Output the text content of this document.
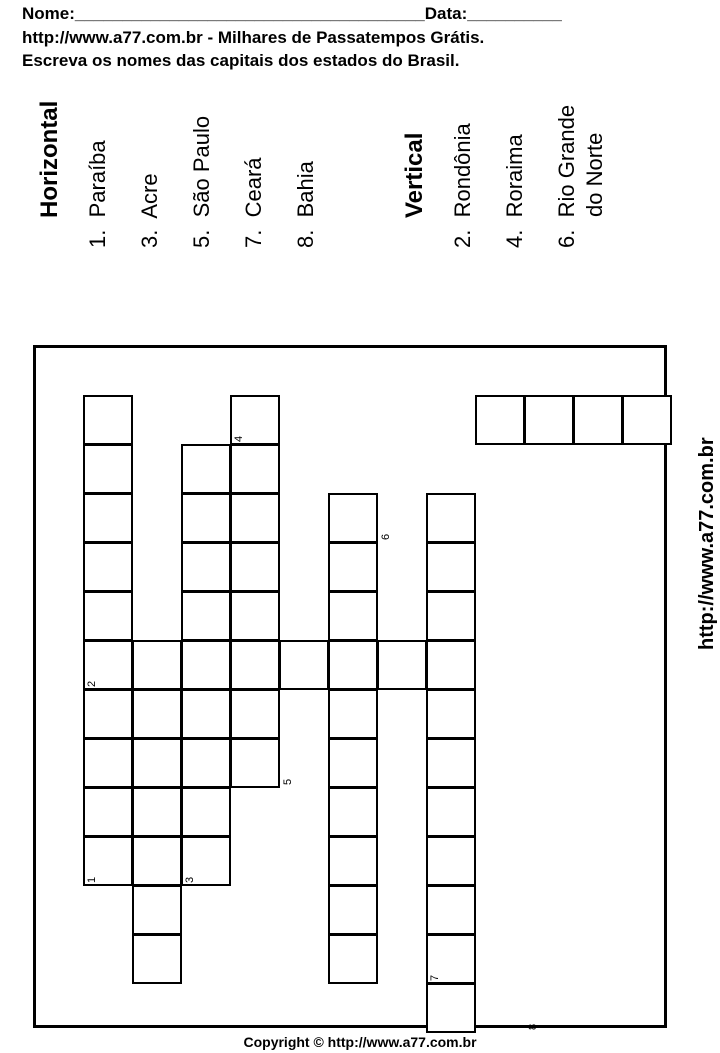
Nome:_____________________________________Data:__________
http://www.a77.com.br - Milhares de Passatempos Grátis.
Escreva os nomes das capitais dos estados do Brasil.
Horizontal
1.  Paraíba
3.  Acre
5.  São Paulo
7.  Ceará
8.  Bahia	Vertical
2.  Rondônia
4.  Roraima
6.  Rio Grande do Norte
1
2
3
4
5
6
7
8
http://www.a77.com.br
Copyright © http://www.a77.com.br
